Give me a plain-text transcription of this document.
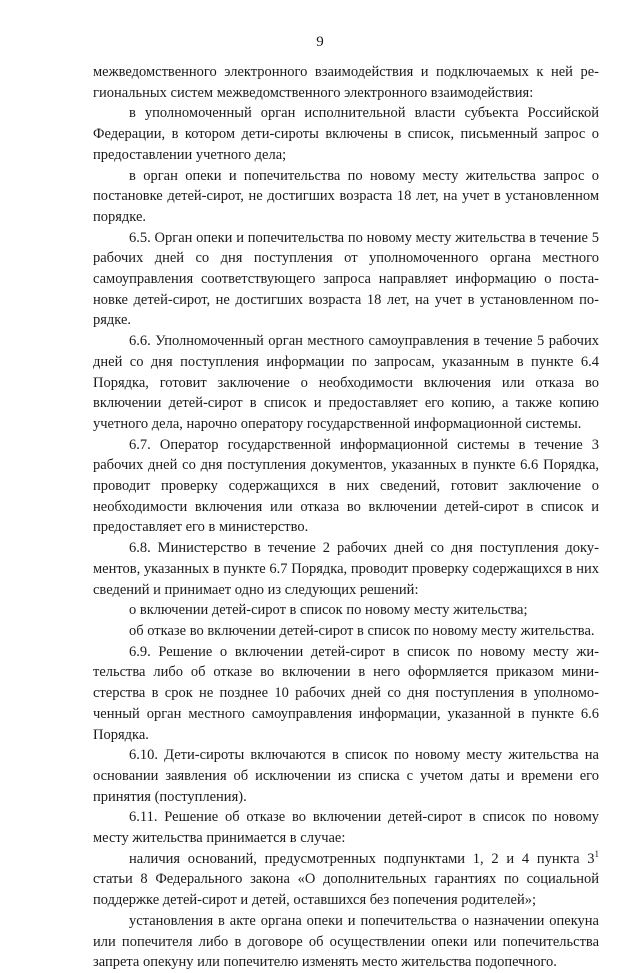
9

межведомственного электронного взаимодействия и подключаемых к ней региональных систем межведомственного электронного взаимодействия:

в уполномоченный орган исполнительной власти субъекта Российской Федерации, в котором дети-сироты включены в список, письменный запрос о предоставлении учетного дела;

в орган опеки и попечительства по новому месту жительства запрос о постановке детей-сирот, не достигших возраста 18 лет, на учет в установленном порядке.

6.5. Орган опеки и попечительства по новому месту жительства в течение 5 рабочих дней со дня поступления от уполномоченного органа местного самоуправления соответствующего запроса направляет информацию о постановке детей-сирот, не достигших возраста 18 лет, на учет в установленном порядке.

6.6. Уполномоченный орган местного самоуправления в течение 5 рабочих дней со дня поступления информации по запросам, указанным в пункте 6.4 Порядка, готовит заключение о необходимости включения или отказа во включении детей-сирот в список и предоставляет его копию, а также копию учетного дела, нарочно оператору государственной информационной системы.

6.7. Оператор государственной информационной системы в течение 3 рабочих дней со дня поступления документов, указанных в пункте 6.6 Порядка, проводит проверку содержащихся в них сведений, готовит заключение о необходимости включения или отказа во включении детей-сирот в список и предоставляет его в министерство.

6.8. Министерство в течение 2 рабочих дней со дня поступления документов, указанных в пункте 6.7 Порядка, проводит проверку содержащихся в них сведений и принимает одно из следующих решений:

о включении детей-сирот в список по новому месту жительства;

об отказе во включении детей-сирот в список по новому месту жительства.

6.9. Решение о включении детей-сирот в список по новому месту жительства либо об отказе во включении в него оформляется приказом министерства в срок не позднее 10 рабочих дней со дня поступления в уполномоченный орган местного самоуправления информации, указанной в пункте 6.6 Порядка.

6.10. Дети-сироты включаются в список по новому месту жительства на основании заявления об исключении из списка с учетом даты и времени его принятия (поступления).

6.11. Решение об отказе во включении детей-сирот в список по новому месту жительства принимается в случае:

наличия оснований, предусмотренных подпунктами 1, 2 и 4 пункта $3^1$ статьи 8 Федерального закона «О дополнительных гарантиях по социальной поддержке детей-сирот и детей, оставшихся без попечения родителей»;

установления в акте органа опеки и попечительства о назначении опекуна или попечителя либо в договоре об осуществлении опеки или попечительства запрета опекуну или попечителю изменять место жительства подопечного.
